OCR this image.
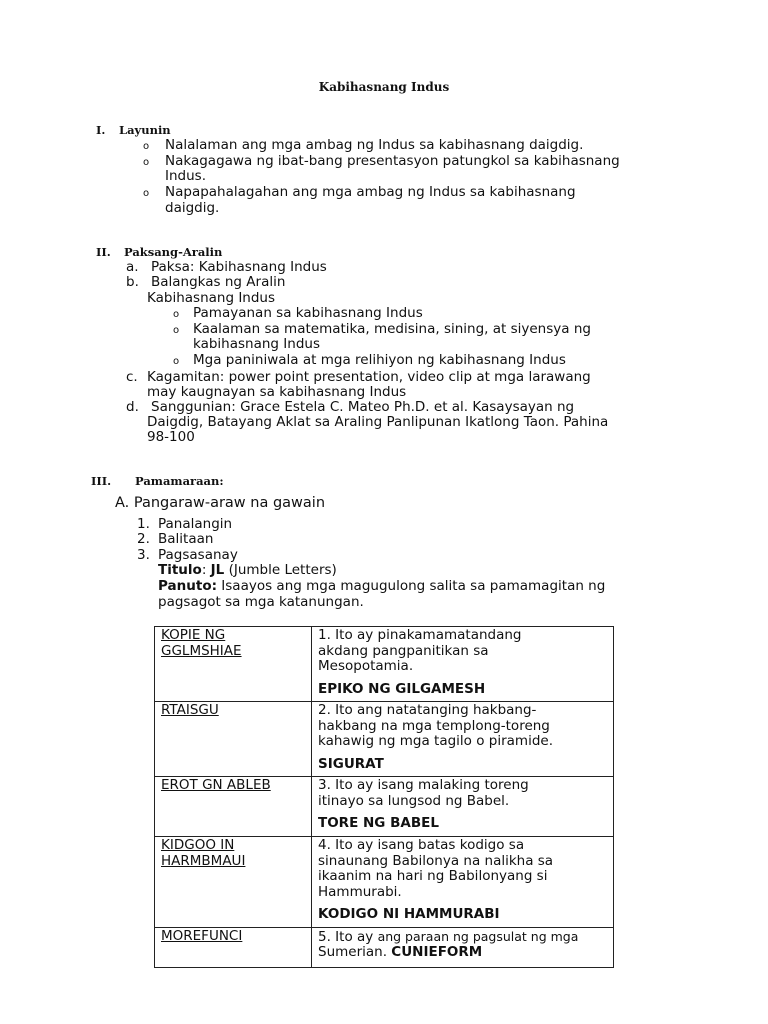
Kabihasnang Indus
I. Layunin
o Nalalaman ang mga ambag ng Indus sa kabihasnang daigdig.
o Nakagagawa ng ibat-bang presentasyon patungkol sa kabihasnang
Indus.
o Napapahalagahan ang mga ambag ng Indus sa kabihasnang
daigdig.
II. Paksang-Aralin
a. Paksa: Kabihasnang Indus
b. Balangkas ng Aralin
Kabihasnang Indus
o Pamayanan sa kabihasnang Indus
o Kaalaman sa matematika, medisina, sining, at siyensya ng
kabihasnang Indus
o Mga paniniwala at mga relihiyon ng kabihasnang Indus
c. Kagamitan: power point presentation, video clip at mga larawang
may kaugnayan sa kabihasnang Indus
d. Sanggunian: Grace Estela C. Mateo Ph.D. et al. Kasaysayan ng
Daigdig, Batayang Aklat sa Araling Panlipunan Ikatlong Taon. Pahina
98-100
III. Pamamaraan:
A. Pangaraw-araw na gawain
1. Panalangin
2. Balitaan
3. Pagsasanay
Titulo: JL (Jumble Letters)
Panuto: Isaayos ang mga magugulong salita sa pamamagitan ng
pagsagot sa mga katanungan.
KOPIE NG
GGLMSHIAE	1. Ito ay pinakamamatandang
akdang pangpanitikan sa
Mesopotamia.
EPIKO NG GILGAMESH

RTAISGU	2. Ito ang natatanging hakbang-
hakbang na mga templong-toreng
kahawig ng mga tagilo o piramide.
SIGURAT

EROT GN ABLEB	3. Ito ay isang malaking toreng
itinayo sa lungsod ng Babel.
TORE NG BABEL

KIDGOO IN
HARMBMAUI	4. Ito ay isang batas kodigo sa
sinaunang Babilonya na nalikha sa
ikaanim na hari ng Babilonyang si
Hammurabi.
KODIGO NI HAMMURABI

MOREFUNCI	5. Ito ay ang paraan ng pagsulat ng mga
Sumerian. CUNIEFORM
